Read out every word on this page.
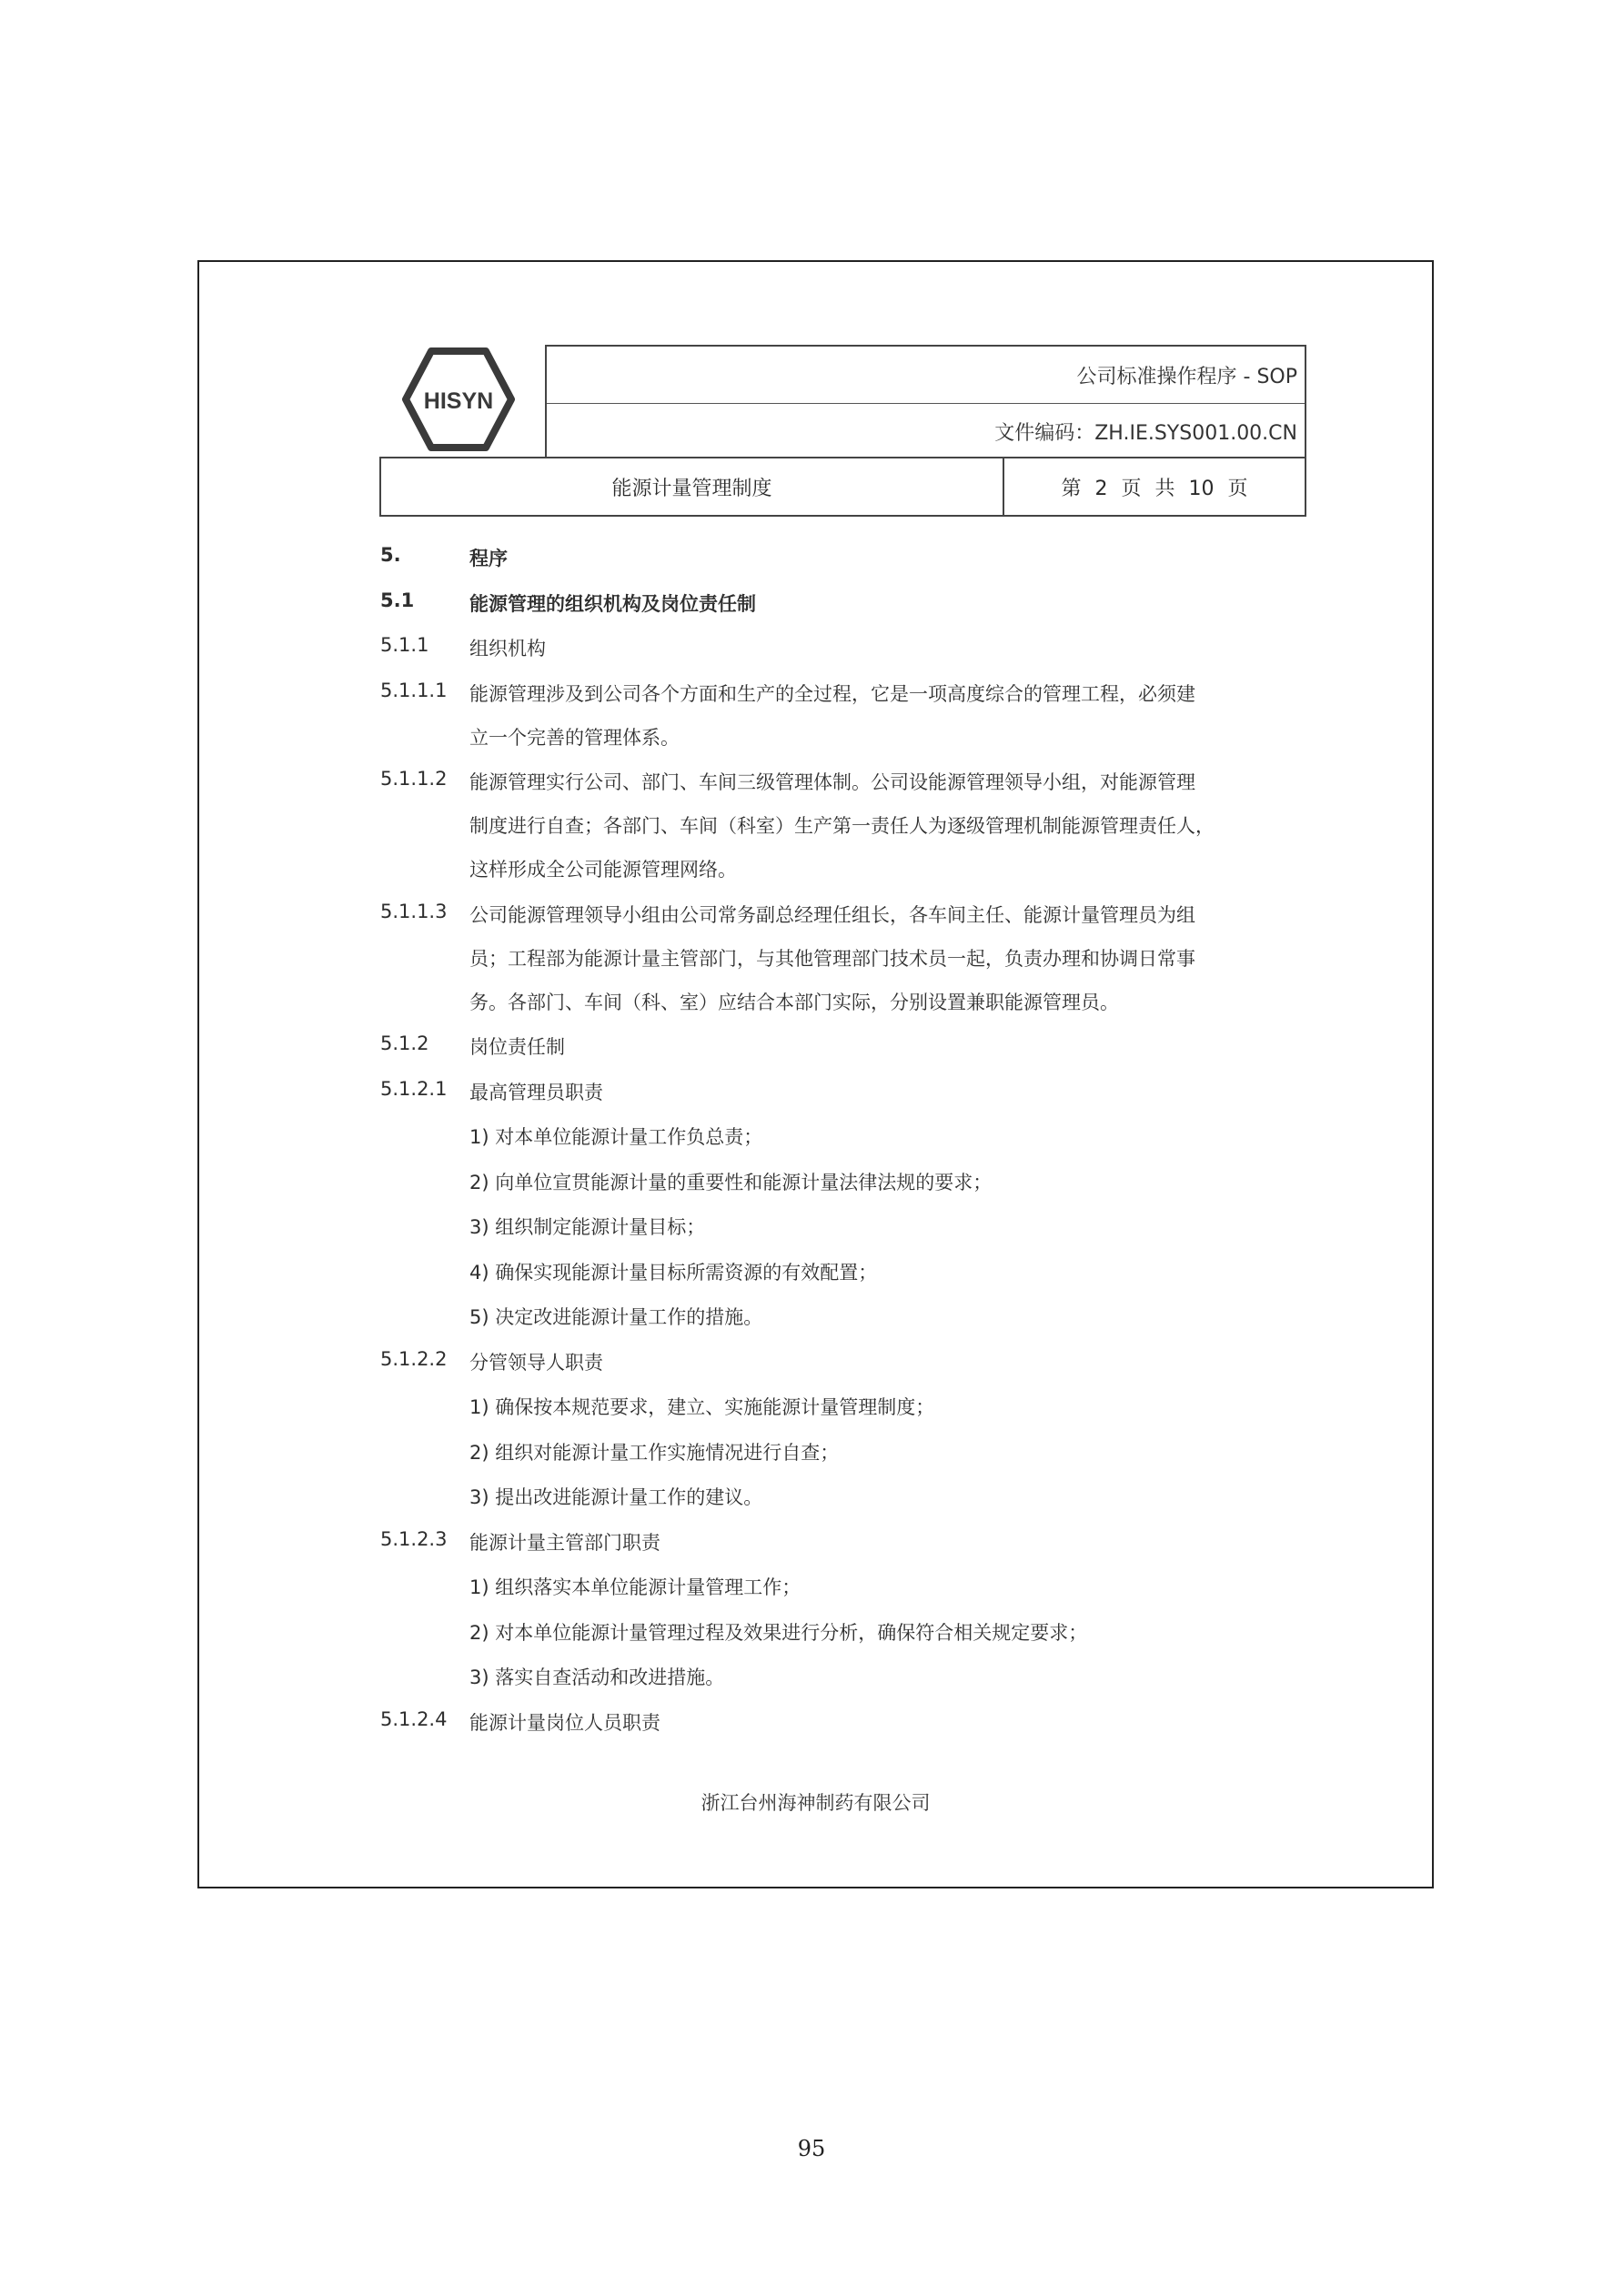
HISYN
公司标准操作程序 - SOP
文件编码：ZH.IE.SYS001.00.CN
能源计量管理制度	第 2 页 共 10 页
5.	程序
5.1	能源管理的组织机构及岗位责任制
5.1.1 组织机构
5.1.1.1 能源管理涉及到公司各个方面和生产的全过程，它是一项高度综合的管理工程，必须建
立一个完善的管理体系。
5.1.1.2 能源管理实行公司、部门、车间三级管理体制。公司设能源管理领导小组，对能源管理
制度进行自查；各部门、车间（科室）生产第一责任人为逐级管理机制能源管理责任人，
这样形成全公司能源管理网络。
5.1.1.3 公司能源管理领导小组由公司常务副总经理任组长，各车间主任、能源计量管理员为组
员；工程部为能源计量主管部门，与其他管理部门技术员一起，负责办理和协调日常事
务。各部门、车间（科、室）应结合本部门实际，分别设置兼职能源管理员。
5.1.2 岗位责任制
5.1.2.1 最高管理员职责
1) 对本单位能源计量工作负总责；
2) 向单位宣贯能源计量的重要性和能源计量法律法规的要求；
3) 组织制定能源计量目标；
4) 确保实现能源计量目标所需资源的有效配置；
5) 决定改进能源计量工作的措施。
5.1.2.2 分管领导人职责
1) 确保按本规范要求，建立、实施能源计量管理制度；
2) 组织对能源计量工作实施情况进行自查；
3) 提出改进能源计量工作的建议。
5.1.2.3 能源计量主管部门职责
1) 组织落实本单位能源计量管理工作；
2) 对本单位能源计量管理过程及效果进行分析，确保符合相关规定要求；
3) 落实自查活动和改进措施。
5.1.2.4 能源计量岗位人员职责
浙江台州海神制药有限公司
95
